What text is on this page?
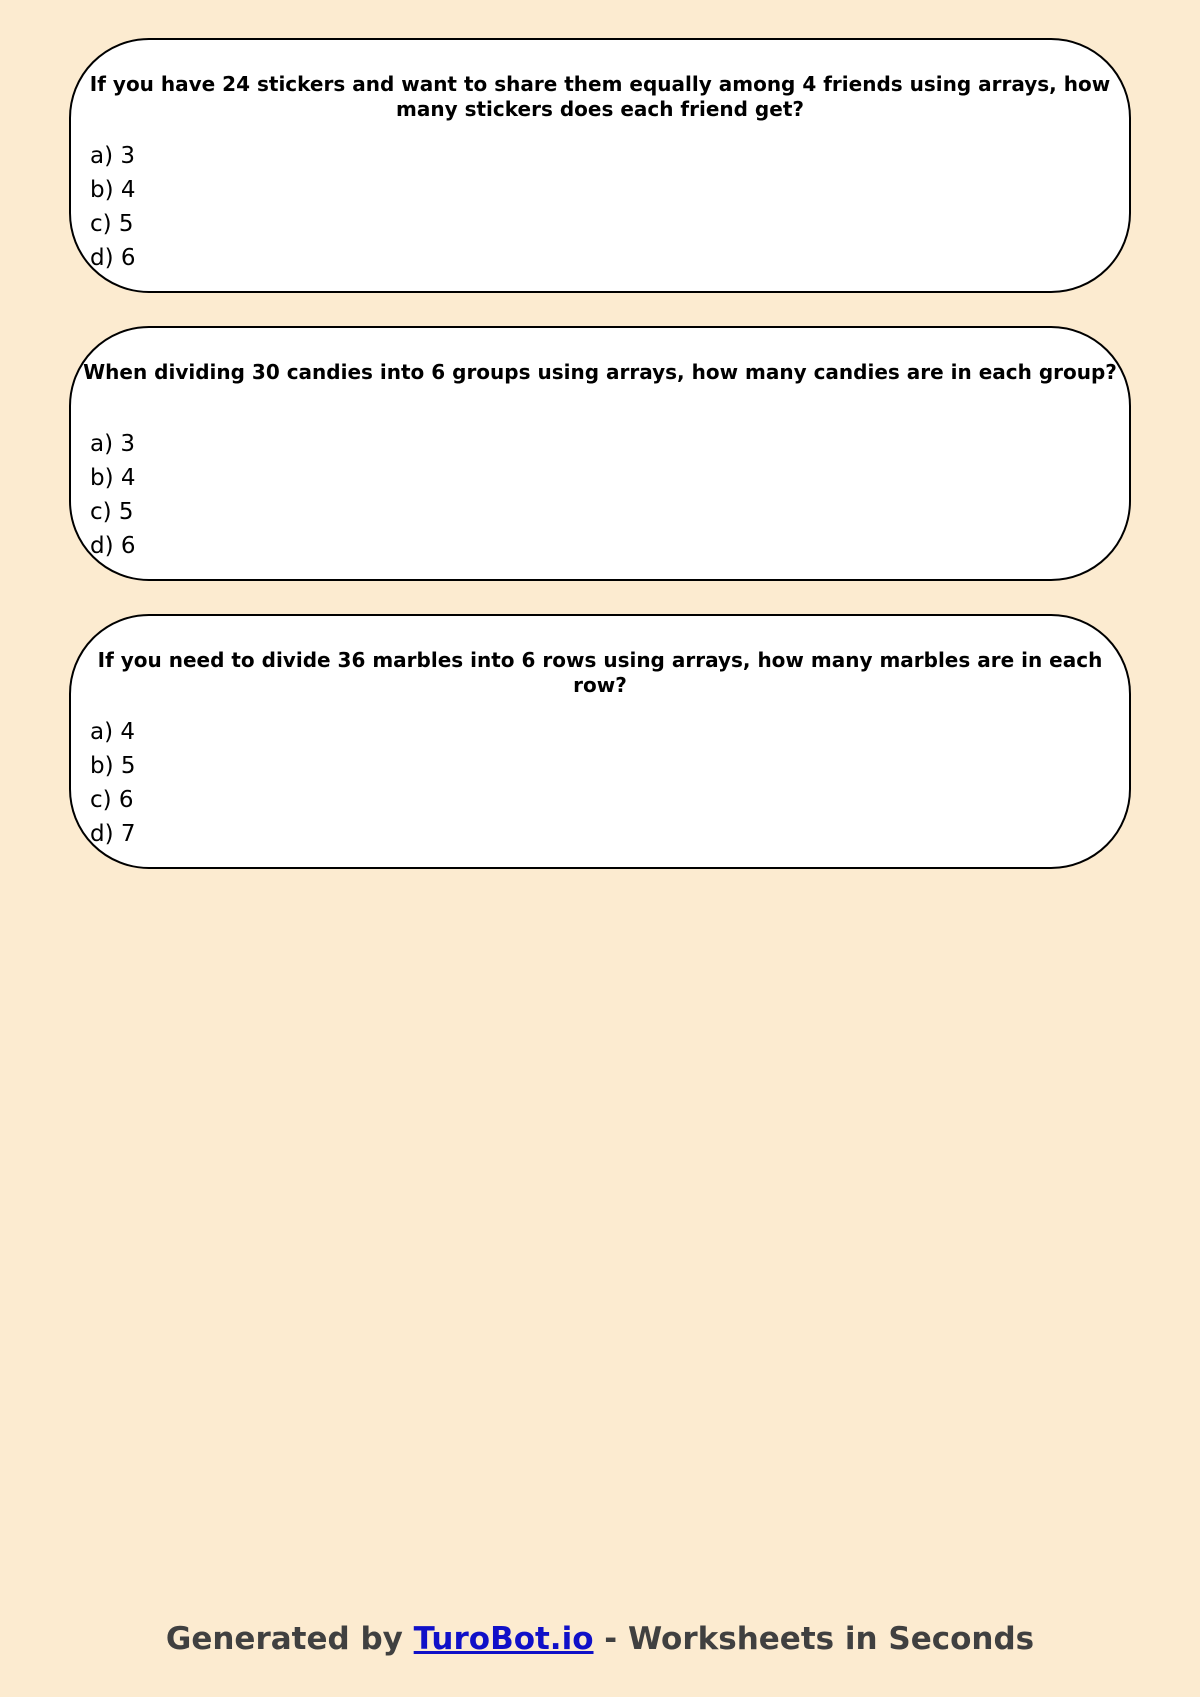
If you have 24 stickers and want to share them equally among 4 friends using arrays, how many stickers does each friend get?
a) 3
b) 4
c) 5
d) 6
When dividing 30 candies into 6 groups using arrays, how many candies are in each group?
a) 3
b) 4
c) 5
d) 6
If you need to divide 36 marbles into 6 rows using arrays, how many marbles are in each row?
a) 4
b) 5
c) 6
d) 7
Generated by TuroBot.io - Worksheets in Seconds
